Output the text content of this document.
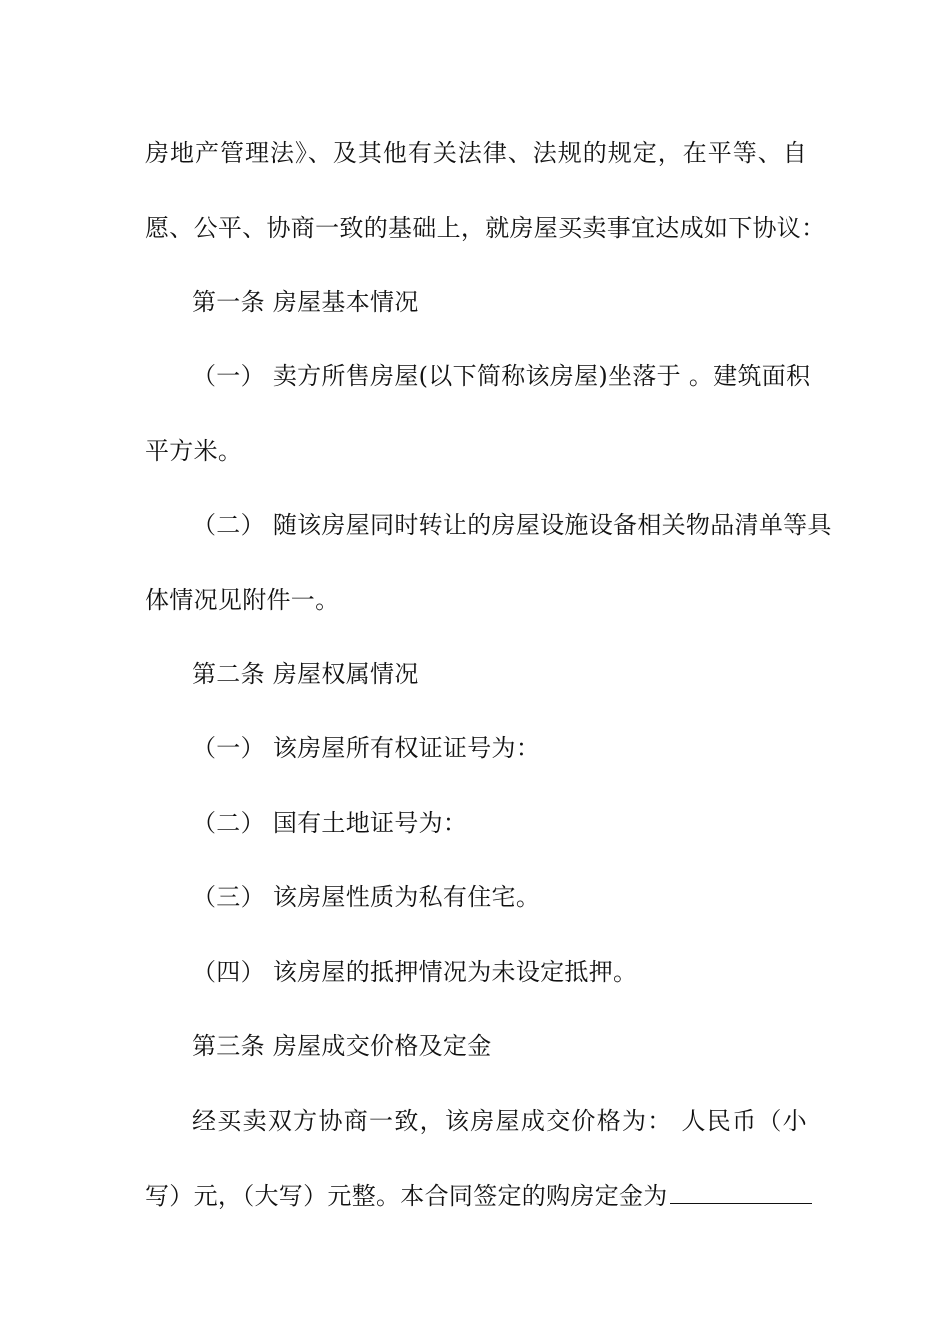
房地产管理法》、及其他有关法律、法规的规定，在平等、自
愿、公平、协商一致的基础上，就房屋买卖事宜达成如下协议：
第一条 房屋基本情况
（一） 卖方所售房屋(以下简称该房屋)坐落于 。建筑面积
平方米。
（二） 随该房屋同时转让的房屋设施设备相关物品清单等具
体情况见附件一。
第二条 房屋权属情况
（一） 该房屋所有权证证号为：
（二） 国有土地证号为：
（三） 该房屋性质为私有住宅。
（四） 该房屋的抵押情况为未设定抵押。
第三条 房屋成交价格及定金
经买卖双方协商一致，该房屋成交价格为： 人民币（小
写）元，（大写）元整。本合同签定的购房定金为
